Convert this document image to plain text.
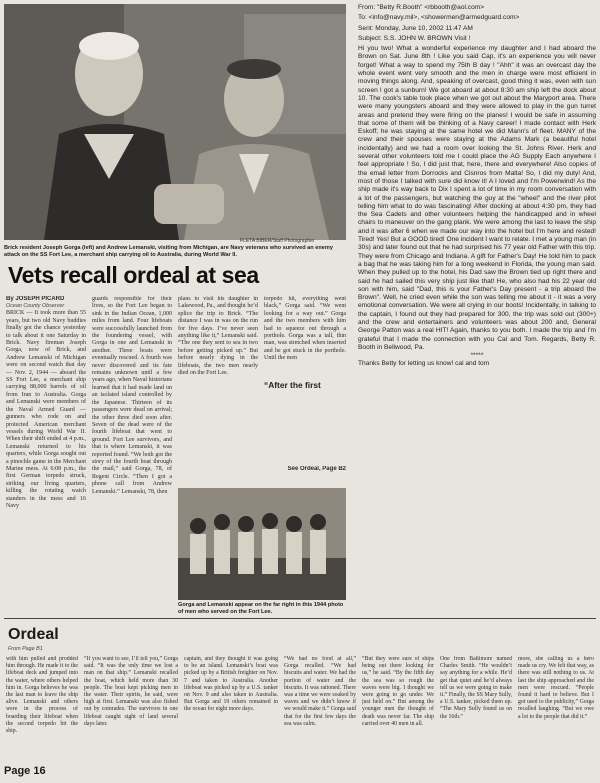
FLETA BIBER/Staff Photographer
Brick resident Joseph Gorga (left) and Andrew Lemanski, visiting from Michigan, are Navy veterans who survived an enemy attack on the SS Fort Lee, a merchant ship carrying oil to Australia, during World War II.
Vets recall ordeal at sea
By JOSEPH PICARD
Ocean County Observer
BRICK — It took more than 55 years, but two old Navy buddies finally got the chance yesterday to talk about it one Saturday in Brick. Navy fireman Joseph Gorga, now of Brick, and Andrew Lemanski of Michigan were on second watch that day — Nov. 2, 1944 — aboard the SS Fort Lee, a merchant ship carrying 88,000 barrels of oil from Iran to Australia. Gorga and Lemanski were members of the Naval Armed Guard — gunners who rode on and protected American merchant vessels during World War II. When their shift ended at 4 p.m., Lemanski returned to his quarters, while Gorga sought out a pinochle game in the Merchant Marine mess. At 6:08 p.m., the first German torpedo struck, striking our living quarters, killing the rotating watch standers in the mess and 16 Navy
guards responsible for their lives, so the Fort Lee began to sink in the Indian Ocean, 1,000 miles from land. Four lifeboats were successfully launched from the foundering vessel, with Gorga in one and Lemanski in another. Three boats were eventually rescued. A fourth was never discovered and its fate remains unknown until a few years ago, when Naval historians learned that it had made land on an isolated island controlled by the Japanese. Thirteen of its passengers were dead on arrival; the other three died soon after. Seven of the dead were of the fourth lifeboat that went to ground. Fort Lee survivors, and that is where Lemanski, it was reported found. “We both got the story of the fourth boat through the mail,” said Gorga, 78, of Regent Circle. “Then I got a phone call from Andrew Lemanski.” Lemanski, 78, then
plans to visit his daughter in Lakewood, Pa., and thought he’d splice the trip to Brick. “The distance I was in was on the run for five days. I’ve never seen anything like it,” Lemanski said. “The one they sent to sea in two before getting picked up.” But before nearly dying in the lifeboats, the two men nearly died on the Fort Lee.
torpedo hit, everything went black,” Gorga said. “We went looking for a way out.” Gorga and the two members with him had to squeeze out through a porthole. Gorga was a tall, thin man, was stretched when inserted and he got stuck in the porthole. Until the men
“After the first
See Ordeal, Page B2
Gorga and Lemanski appear on the far right in this 1944 photo of men who served on the Fort Lee.
From: "Betty R.Booth" <rbbooth@aol.com>
To: <info@navy.mil>, <showermen@armedguard.com>
Sent: Monday, June 10, 2002 11:47 AM
Subject: S.S. JOHN W. BROWN Visit !
Hi you two! What a wonderful experience my daughter and I had aboard the Brown on Sat. June 8th ! Like you said Cap, it's an experience you will never forget! What a way to spend my 75th B day ! "Ahh" it was an overcast day the whole event went very smooth and the men in charge were most efficient in moving things along. And, speaking of overcast, good thing it was, even with sun screen I got a sunburn! We got aboard at about 8:30 am ship left the dock about 10. The cook's table took place when we got out about the Maryport area. There were many youngsters aboard and they were allowed to play in the gun turret areas and pretend they were firing on the planes! I would be safe in assuming that some of them will be thinking of a Navy career! I made contact with Herk Eskoff; he was staying at the same hotel we did Mann's of fleet. MANY of the crew and their spouses were staying at the Adams Mark (a beautiful hotel incidentally) and we had a room over looking the St. Johns River. Herk and several other volunteers told me I could place the AG Supply Each anywhere I feel appropriate ! So, I did just that, here, there and everywhere! Also copies of the email letter from Dorrocks and Cisnros from Malta! So, I did my duty! And, most of those I talked with sure did know it! A I loved and I'm Powerwind! As the ship made it's way back to Dix I spent a lot of time in my room conversation with a lot of the passengers, but watching the guy at the "wheel" and the river pilot telling him what to do was fascinating! After docking at about 4:30 pm, they had the Sea Cadets and other volunteers helping the handicapped and in wheel chairs to maneuver on the gang plank. We were among the last to leave the ship and it was after 6 when we made our way into the hotel but I'm here and rested! Tired! Yes! But a GOOD tired! One incident I want to relate. I met a young man (in 30s) and later found out that he had surprised his 77 year old Father with this trip. They were from Chicago and Indiana. A gift for Father's Day! He told him to pack a bag that he was taking him for a long weekend in Florida, the young man said. When they pulled up to the hotel, his Dad saw the Brown tied up right there and said he had sailed this very ship just like that! He, who also had his 22 year old son with him, said "Dad, this is your Father's Day present - a trip aboard the Brown". Well, he cried even while the son was telling me about it - it was a very emotional conversation. We were all crying in our boots! Incidentally, in talking to the captain, I found out they had prepared for 300, the trip was sold out (300+) and the crew and entertainers and volunteers was about 200 and, General George Patton was a real HIT! Again, thanks to you both. I made the trip and I'm grateful that I made the connection with you Cal and Tom. Regards, Betty R. Booth in Bellwood, Pa.
*****
Thanks Betty for letting us know! cal and tom
Ordeal
From Page B1
with him pulled and prodded him through. He made it to the lifeboat deck and jumped into the water, where others helped him in. Gorga believes he was the last man to leave the ship alive. Lemanski and others were in the process of boarding their lifeboat when the second torpedo hit the ship.
“If you want to see, I’ll tell you,” Gorga said. “It was the only time we lost a man on that ship.” Lemanski recalled the boat, which held more than 30 people. The boat kept picking men in the water. Their spirits, he said, were high at first. Lemanski was also fished out by comrades. The survivors in one lifeboat caught sight of land several days later.
captain, and they thought it was going to be an island. Lemanski’s boat was picked up by a British freighter on Nov. 7 and taken to Australia. Another lifeboat was picked up by a U.S. tanker on Nov. 9 and also taken to Australia. But Gorga and 19 others remained in the ocean for eight more days.
“We had no food at all,” Gorga recalled. “We had biscuits and water. We had the portion of water and the biscuits. It was rationed. There was a time we were soaked by waves and we didn’t know if we would make it.” Gorga said that for the first few days the sea was calm.
“But they were sure of ships being out there looking for us,” he said. “By the fifth day the sea was so rough the waves were big. I thought we were going to go under. We just held on.” But among the younger men the thought of death was never far. The ship carried over 40 men in all.
One from Baltimore named Charles Smith. “He wouldn’t say anything for a while. He’d get that quiet and he’d always tell us we were going to make it.” Finally, the SS Mary Sully, a U.S. tanker, picked them up. “The Mary Sully found us on the 16th.”
more, she calling us a hero made us cry. We felt that way, as there was still nothing to us. At last the ship approached and the men were rescued. “People found it hard to believe. But I got used to the publicity,” Gorga recalled laughing. “But we owe a lot to the people that did it.”
Page 16
